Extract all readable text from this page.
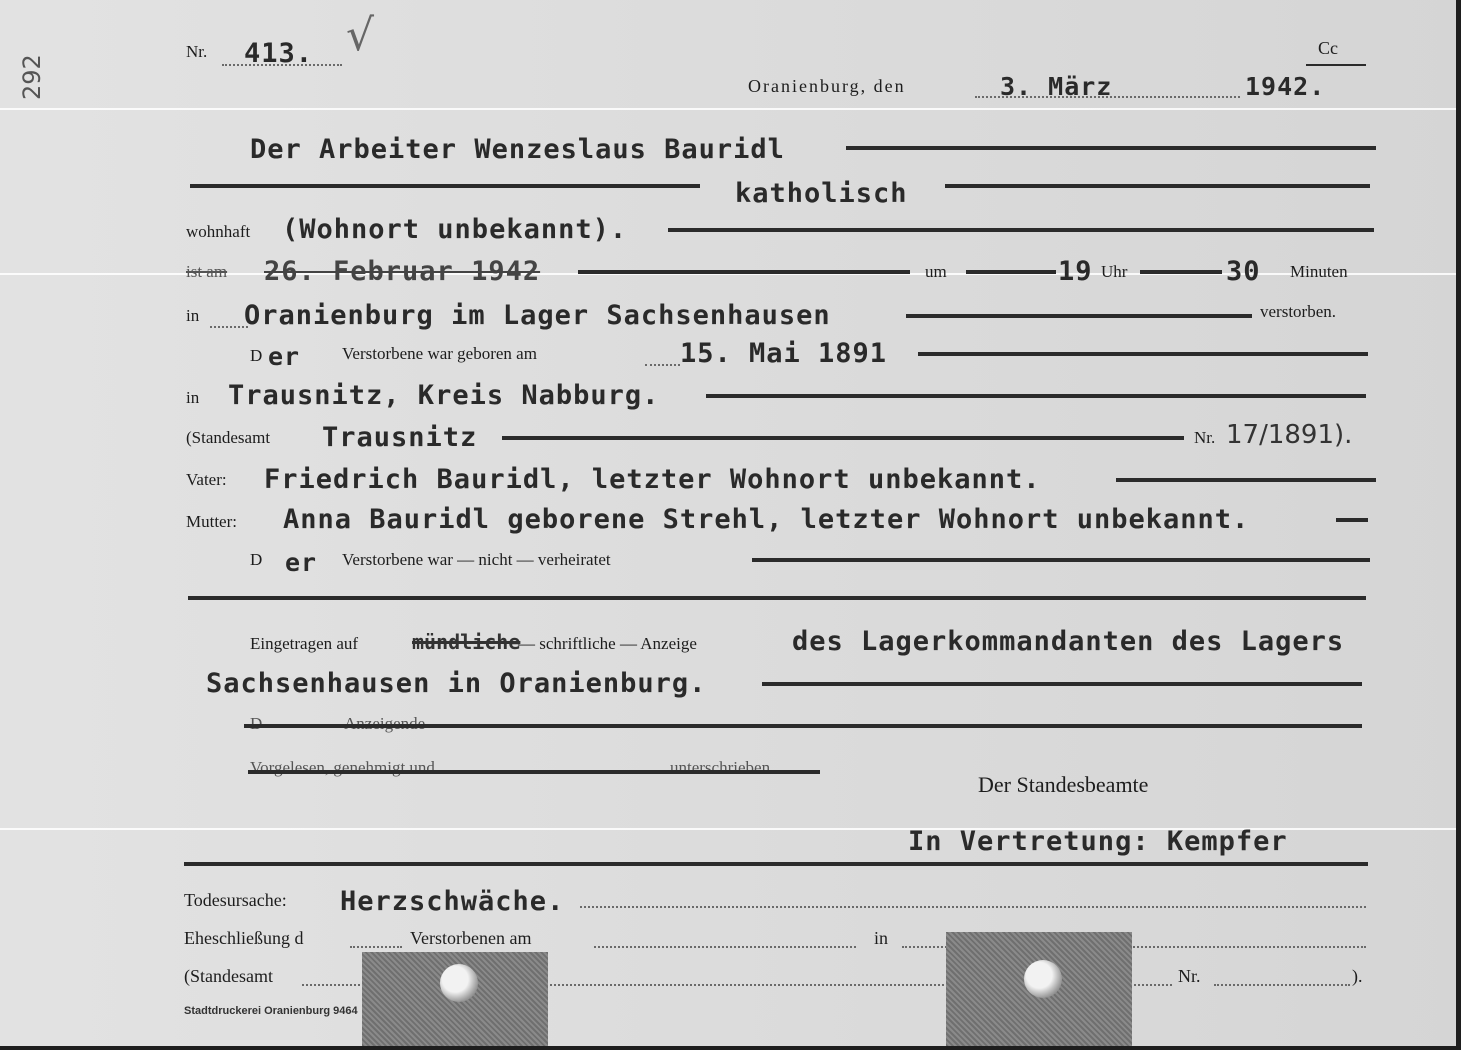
292
Nr. 413. √	Cc
Oranienburg, den	3. März	1942.
Der Arbeiter Wenzeslaus Bauridl
katholisch
wohnhaft (Wohnort unbekannt).
ist am 26. Februar 1942	um	19 Uhr	30 Minuten
in Oranienburg im Lager Sachsenhausen	verstorben.
D er Verstorbene war geboren am	15. Mai 1891
in Trausnitz, Kreis Nabburg.
(Standesamt Trausnitz	Nr. 17/1891).
Vater: Friedrich Bauridl, letzter Wohnort unbekannt.
Mutter: Anna Bauridl geborene Strehl, letzter Wohnort unbekannt.
D er Verstorbene war — nicht — verheiratet
Eingetragen auf	mündliche
— schriftliche — Anzeige	des Lagerkommandanten des Lagers
Sachsenhausen in Oranienburg.
D	Anzeigende
Vorgelesen, genehmigt und	unterschrieben
Der Standesbeamte
In Vertretung: Kempfer
Todesursache: Herzschwäche.
Eheschließung d	Verstorbenen am	in
(Standesamt	Nr.	).
Stadtdruckerei Oranienburg 9464
